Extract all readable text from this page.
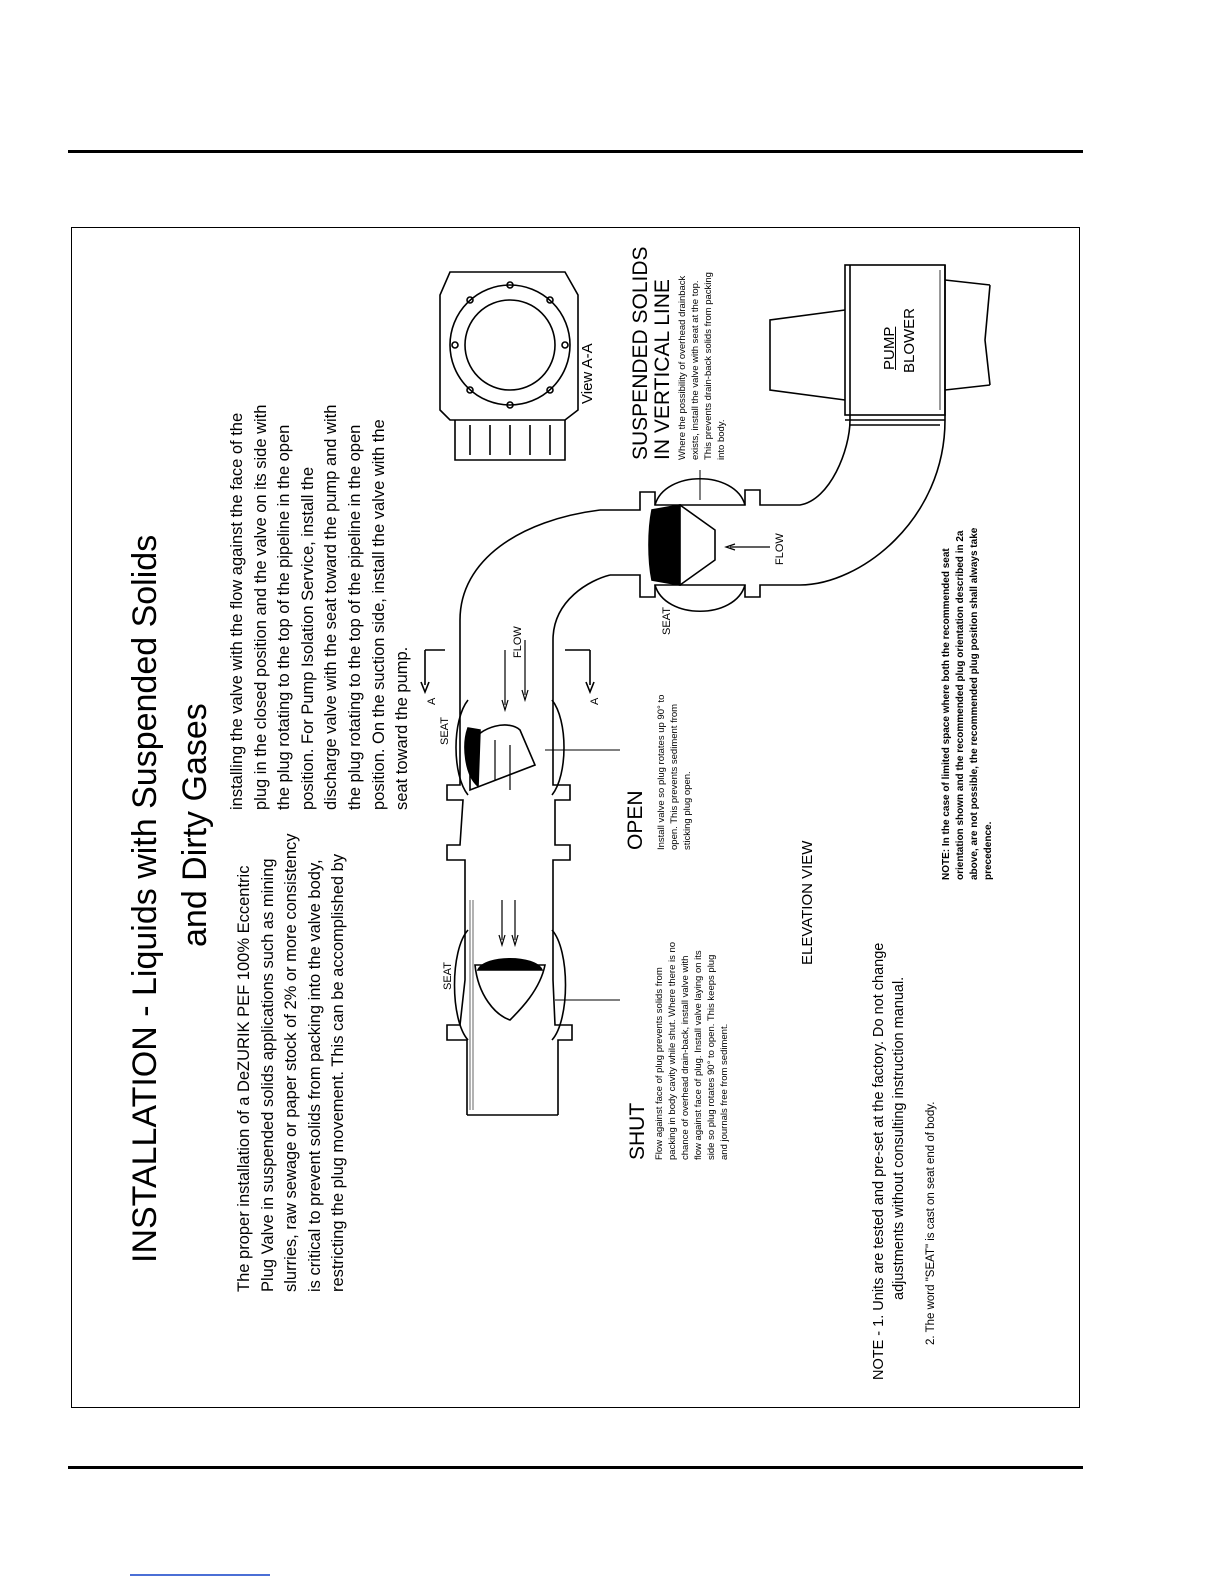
INSTALLATION - Liquids with Suspended Solids and Dirty Gases
The proper installation of a DeZURIK PEF 100% Eccentric Plug Valve in suspended solids applications such as mining slurries, raw sewage or paper stock of 2% or more consistency is critical to prevent solids from packing into the valve body, restricting the plug movement. This can be accomplished by
installing the valve with the flow against the face of the plug in the closed position and the valve on its side with the plug rotating to the top of the pipeline in the open position. For Pump Isolation Service, install the discharge valve with the seat toward the pump and with the plug rotating to the top of the pipeline in the open position. On the suction side, install the valve with the seat toward the pump.
View A-A SUSPENDED SOLIDS IN VERTICAL LINE Where the possibility of overhead drainback exists, install the valve with seat at the top. This prevents drain-back solids from packing into body.
PUMP BLOWER
FLOW
FLOW
SEAT
SEAT
SEAT
A	A
OPEN Install valve so plug rotates up 90° to open. This prevents sediment from sticking plug open.
SHUT Flow against face of plug prevents solids from packing in body cavity while shut. Where there is no chance of overhead drain-back, install valve with flow against face of plug. Install valve laying on its side so plug rotates 90° to open. This keeps plug and journals free from sediment.
ELEVATION VIEW
NOTE: In the case of limited space where both the recommended seat orientation shown and the recommended plug orientation described in 2a above, are not possible, the recommended plug position shall always take precedence.
NOTE - 1. Units are tested and pre-set at the factory. Do not change adjustments without consulting instruction manual. 2. The word "SEAT" is cast on seat end of body.
